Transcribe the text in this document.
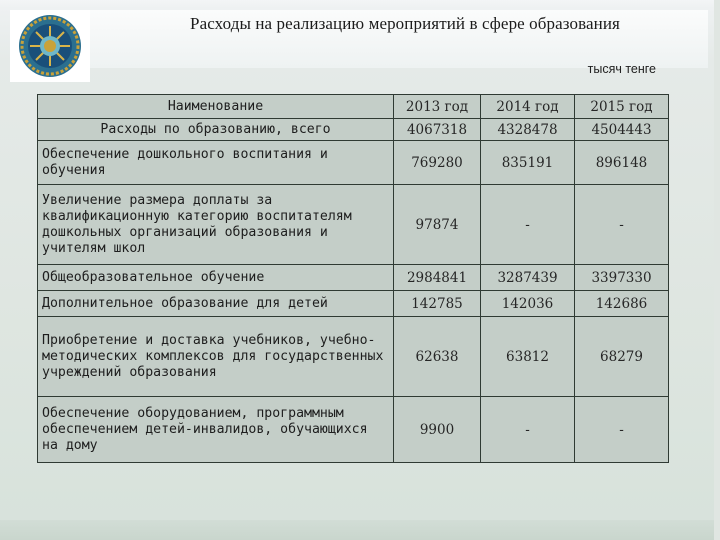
Расходы на реализацию мероприятий в сфере образования
тысяч тенге
Наименование	2013 год	2014 год	2015 год
Расходы по образованию, всего	4067318	4328478	4504443
Обеспечение дошкольного воспитания и обучения	769280	835191	896148
Увеличение размера доплаты за квалификационную категорию воспитателям дошкольных организаций образования и учителям школ	97874	-	-
Общеобразовательное обучение	2984841	3287439	3397330
Дополнительное образование для детей	142785	142036	142686
Приобретение и доставка учебников, учебно-методических комплексов для государственных учреждений образования	62638	63812	68279
Обеспечение оборудованием, программным обеспечением детей-инвалидов, обучающихся на дому	9900	-	-
